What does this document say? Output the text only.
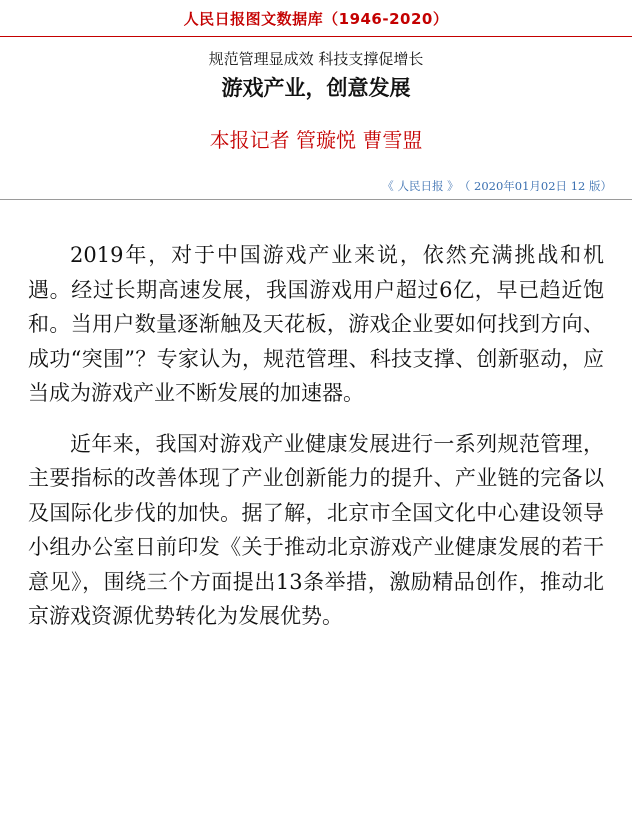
人民日报图文数据库（1946-2020）
规范管理显成效 科技支撑促增长
游戏产业，创意发展
本报记者 管璇悦 曹雪盟
《 人民日报 》 （ 2020年01月02日 12 版）

2019年，对于中国游戏产业来说，依然充满挑战和机遇。经过长期高速发展，我国游戏用户超过6亿，早已趋近饱和。当用户数量逐渐触及天花板，游戏企业要如何找到方向、成功“突围”？专家认为，规范管理、科技支撑、创新驱动，应当成为游戏产业不断发展的加速器。

近年来，我国对游戏产业健康发展进行一系列规范管理，主要指标的改善体现了产业创新能力的提升、产业链的完备以及国际化步伐的加快。据了解，北京市全国文化中心建设领导小组办公室日前印发《关于推动北京游戏产业健康发展的若干意见》，围绕三个方面提出13条举措，激励精品创作，推动北京游戏资源优势转化为发展优势。
